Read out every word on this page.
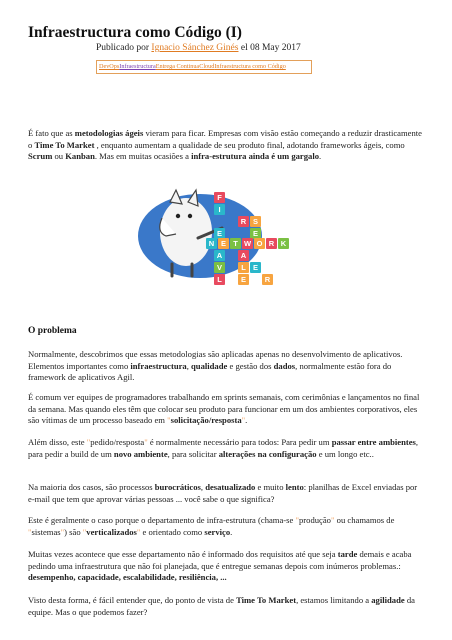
Infraestructura como Código (I)
Publicado por Ignacio Sánchez Ginés el 08 May 2017
DevOpsInfraestructuraEntrega ContinuaCloudInfraestructura como Código

É fato que as metodologias ágeis vieram para ficar. Empresas com visão estão começando a reduzir drasticamente o Time To Market , enquanto aumentam a qualidade de seu produto final, adotando frameworks ágeis, como Scrum ou Kanban. Mas em muitas ocasiões a infra-estrutura ainda é um gargalo.

F
I
R S
E	E
N E T W O R K
A	A
V	L E
L	E	R
O problema

Normalmente, descobrimos que essas metodologias são aplicadas apenas no desenvolvimento de aplicativos. Elementos importantes como infraestructura, qualidade e gestão dos dados, normalmente estão fora do framework de aplicativos Agil.

É comum ver equipes de programadores trabalhando em sprints semanais, com cerimônias e lançamentos no final da semana. Mas quando eles têm que colocar seu produto para funcionar em um dos ambientes corporativos, eles são vítimas de um processo baseado em "solicitação/resposta".

Além disso, este "pedido/resposta" é normalmente necessário para todos: Para pedir um passar entre ambientes, para pedir a build de um novo ambiente, para solicitar alterações na configuração e um longo etc..

Na maioria dos casos, são processos burocráticos, desatualizado e muito lento: planilhas de Excel enviadas por e-mail que tem que aprovar várias pessoas ... você sabe o que significa?

Este é geralmente o caso porque o departamento de infra-estrutura (chama-se "produção" ou chamamos de "sistemas") são "verticalizados" e orientado como serviço.

Muitas vezes acontece que esse departamento não é informado dos requisitos até que seja tarde demais e acaba pedindo uma infraestrutura que não foi planejada, que é entregue semanas depois com inúmeros problemas.: desempenho, capacidade, escalabilidade, resiliência, ...

Visto desta forma, é fácil entender que, do ponto de vista de Time To Market, estamos limitando a agilidade da equipe. Mas o que podemos fazer?
